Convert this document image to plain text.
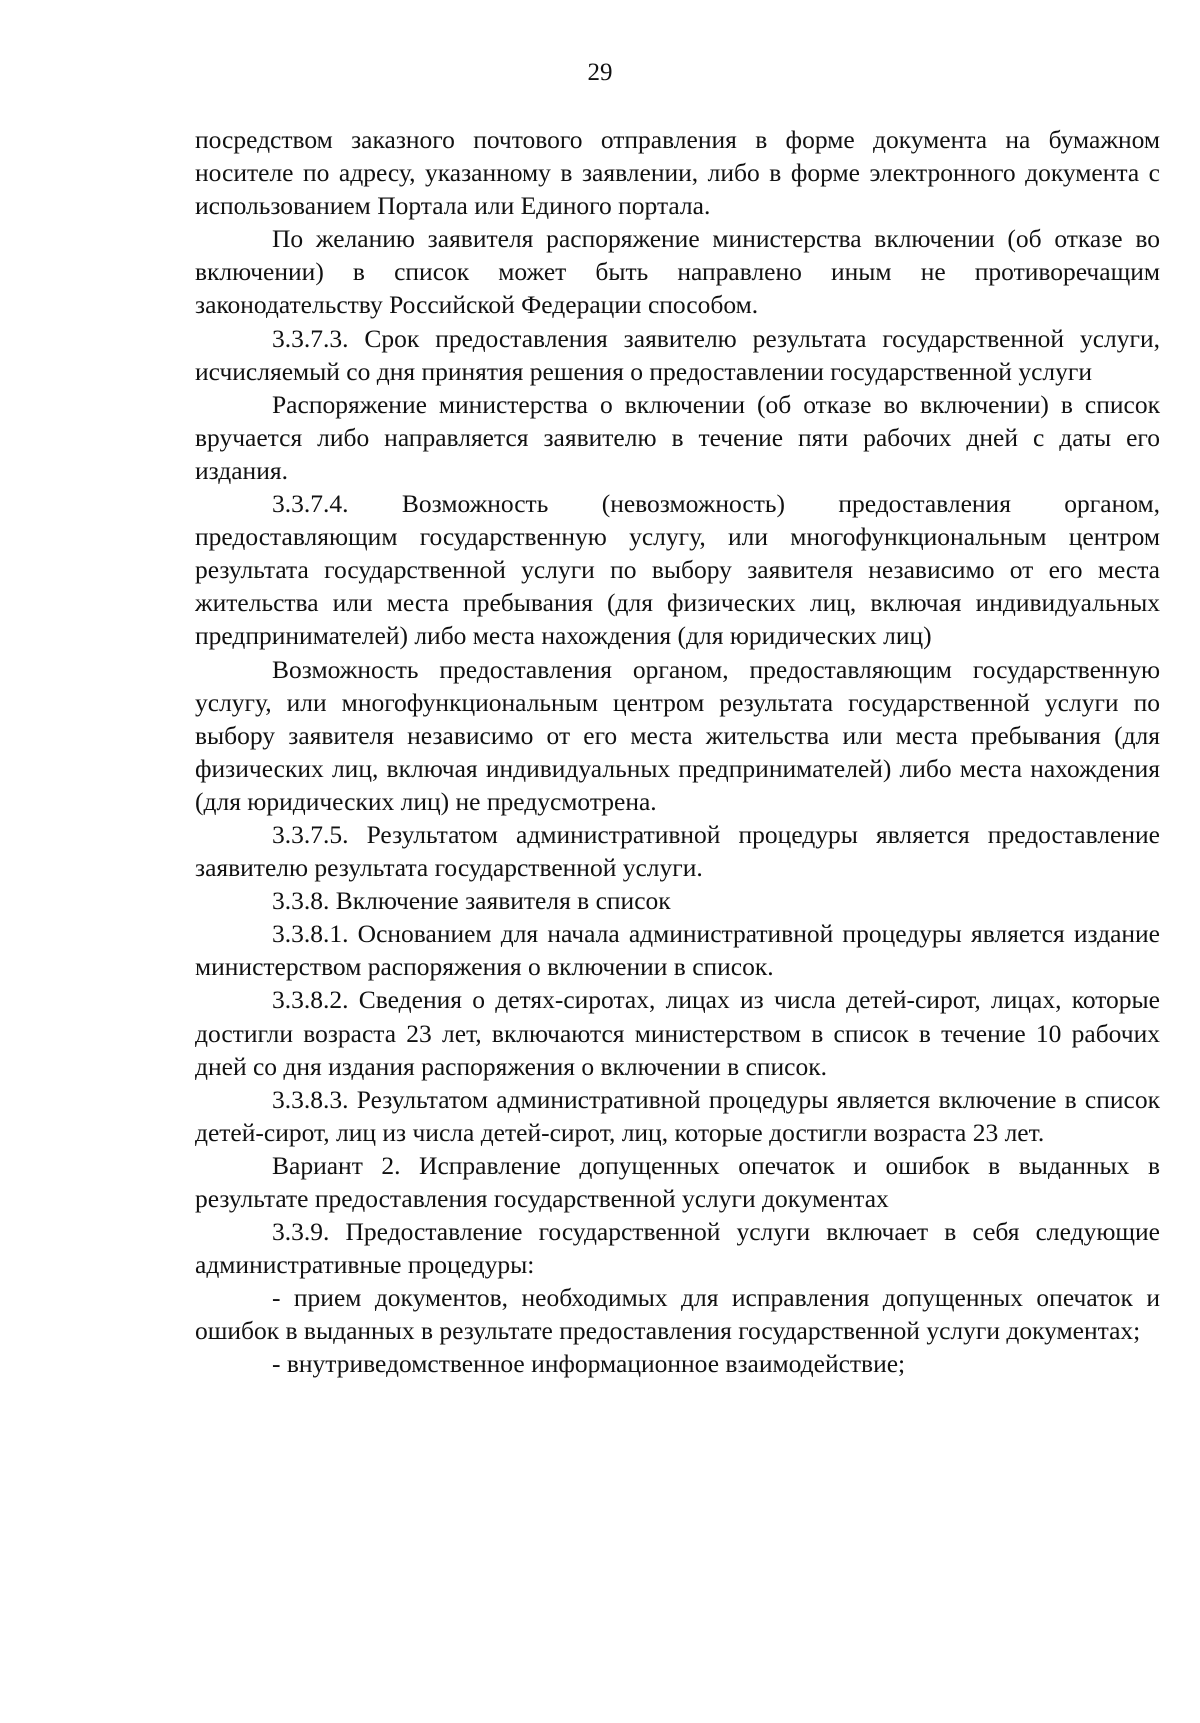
29

посредством заказного почтового отправления в форме документа на бумажном носителе по адресу, указанному в заявлении, либо в форме электронного документа с использованием Портала или Единого портала.

По желанию заявителя распоряжение министерства включении (об отказе во включении) в список может быть направлено иным не противоречащим законодательству Российской Федерации способом.

3.3.7.3. Срок предоставления заявителю результата государственной услуги, исчисляемый со дня принятия решения о предоставлении государственной услуги

Распоряжение министерства о включении (об отказе во включении) в список вручается либо направляется заявителю в течение пяти рабочих дней с даты его издания.

3.3.7.4. Возможность (невозможность) предоставления органом, предоставляющим государственную услугу, или многофункциональным центром результата государственной услуги по выбору заявителя независимо от его места жительства или места пребывания (для физических лиц, включая индивидуальных предпринимателей) либо места нахождения (для юридических лиц)

Возможность предоставления органом, предоставляющим государственную услугу, или многофункциональным центром результата государственной услуги по выбору заявителя независимо от его места жительства или места пребывания (для физических лиц, включая индивидуальных предпринимателей) либо места нахождения (для юридических лиц) не предусмотрена.

3.3.7.5. Результатом административной процедуры является предоставление заявителю результата государственной услуги.

3.3.8. Включение заявителя в список

3.3.8.1. Основанием для начала административной процедуры является издание министерством распоряжения о включении в список.

3.3.8.2. Сведения о детях-сиротах, лицах из числа детей-сирот, лицах, которые достигли возраста 23 лет, включаются министерством в список в течение 10 рабочих дней со дня издания распоряжения о включении в список.

3.3.8.3. Результатом административной процедуры является включение в список детей-сирот, лиц из числа детей-сирот, лиц, которые достигли возраста 23 лет.

Вариант 2. Исправление допущенных опечаток и ошибок в выданных в результате предоставления государственной услуги документах

3.3.9. Предоставление государственной услуги включает в себя следующие административные процедуры:

- прием документов, необходимых для исправления допущенных опечаток и ошибок в выданных в результате предоставления государственной услуги документах;

- внутриведомственное информационное взаимодействие;
